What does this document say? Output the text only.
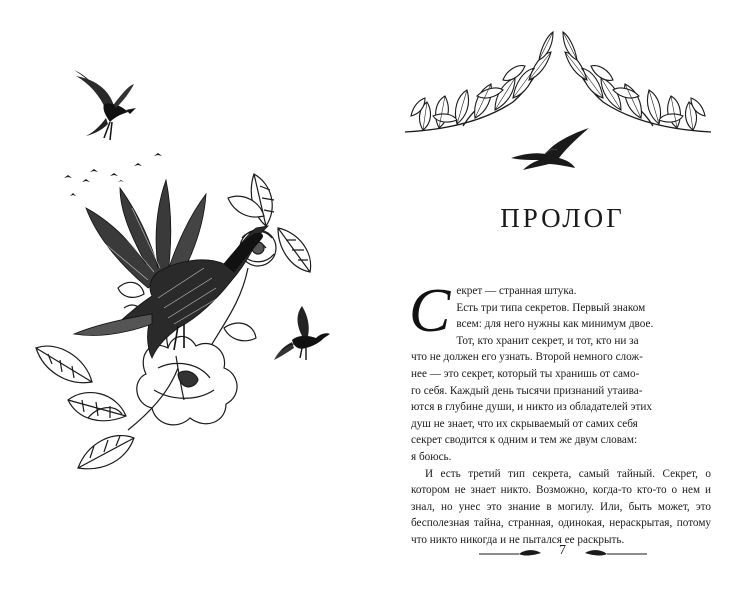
ПРОЛОГ
С екрет — странная штука.
Есть три типа секретов. Первый знаком
всем: для него нужны как минимум двое.
Тот, кто хранит секрет, и тот, кто ни за
что не должен его узнать. Второй немного слож-
нее — это секрет, который ты хранишь от само-
го себя. Каждый день тысячи признаний утаива-
ются в глубине души, и никто из обладателей этих
душ не знает, что их скрываемый от самих себя
секрет сводится к одним и тем же двум словам:
я боюсь.

И есть третий тип секрета, самый тайный. Секрет, о котором не знает никто. Возможно, когда-то кто-то о нем и знал, но унес это знание в могилу. Или, быть может, это бесполезная тайна, странная, одинокая, нераскрытая, потому что никто никогда и не пытался ее раскрыть.

7
